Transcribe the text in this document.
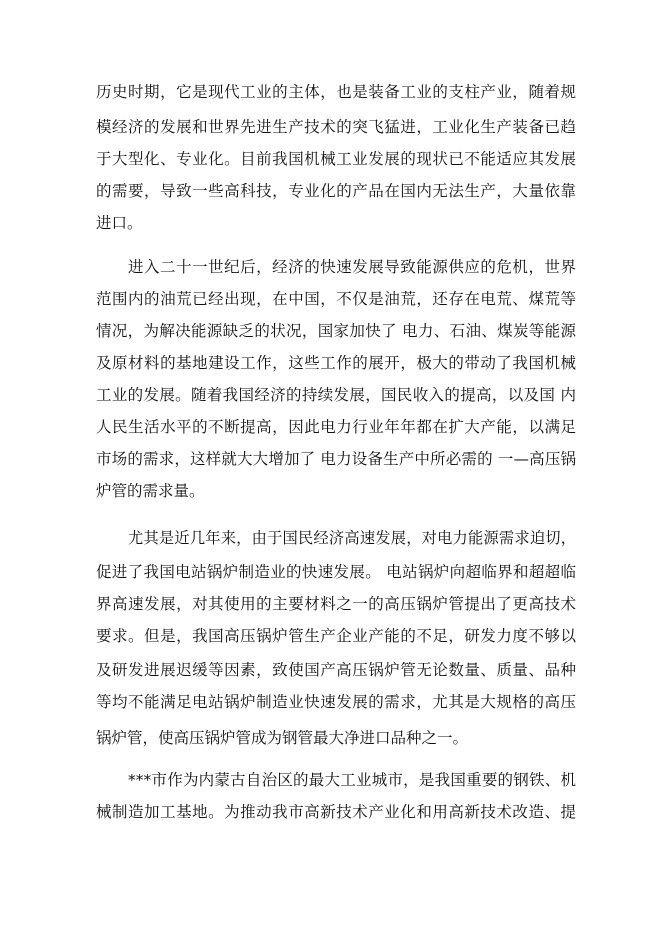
历史时期，它是现代工业的主体，也是装备工业的支柱产业，随着规
模经济的发展和世界先进生产技术的突飞猛进，工业化生产装备已趋
于大型化、专业化。目前我国机械工业发展的现状已不能适应其发展
的需要，导致一些高科技，专业化的产品在国内无法生产，大量依靠
进口。
进入二十一世纪后，经济的快速发展导致能源供应的危机，世界
范围内的油荒已经出现，在中国，不仅是油荒，还存在电荒、煤荒等
情况，为解决能源缺乏的状况，国家加快了 电力、石油、煤炭等能源
及原材料的基地建设工作，这些工作的展开，极大的带动了我国机械
工业的发展。随着我国经济的持续发展，国民收入的提高，以及国 内
人民生活水平的不断提高，因此电力行业年年都在扩大产能，以满足
市场的需求，这样就大大增加了 电力设备生产中所必需的 一—高压锅
炉管的需求量。
尤其是近几年来，由于国民经济高速发展，对电力能源需求迫切，
促进了我国电站锅炉制造业的快速发展。 电站锅炉向超临界和超超临
界高速发展，对其使用的主要材料之一的高压锅炉管提出了更高技术
要求。但是，我国高压锅炉管生产企业产能的不足，研发力度不够以
及研发进展迟缓等因素，致使国产高压锅炉管无论数量、质量、品种
等均不能满足电站锅炉制造业快速发展的需求，尤其是大规格的高压
锅炉管，使高压锅炉管成为钢管最大净进口品种之一。
***市作为内蒙古自治区的最大工业城市，是我国重要的钢铁、机
械制造加工基地。为推动我市高新技术产业化和用高新技术改造、提
